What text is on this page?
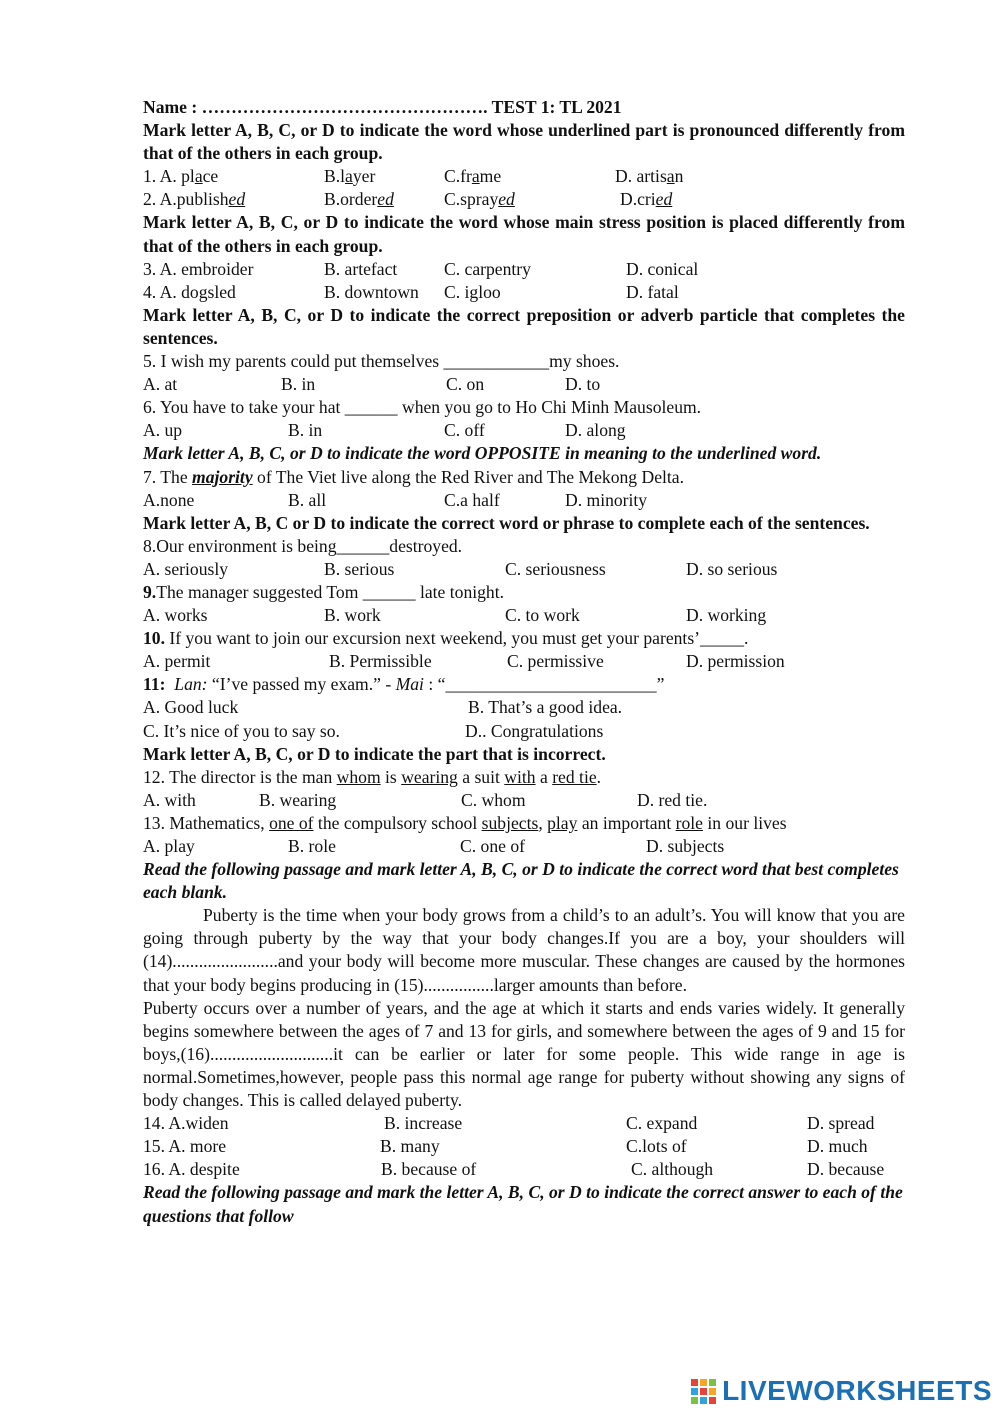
Name : …………………………………………. TEST 1: TL 2021
Mark letter A, B, C, or D to indicate the word whose underlined part is pronounced differently from that of the others in each group.
1. A. place	B.layer	C.frame	D. artisan
2. A.published	B.ordered	C.sprayed	D.cried
Mark letter A, B, C, or D to indicate the word whose main stress position is placed differently from that of the others in each group.
3. A. embroider	B. artefact	C. carpentry	D. conical
4. A. dogsled	B. downtown C. igloo	D. fatal
Mark letter A, B, C, or D to indicate the correct preposition or adverb particle that completes the sentences.
5. I wish my parents could put themselves ____________my shoes.
A. at	B. in	C. on	D. to
6. You have to take your hat ______ when you go to Ho Chi Minh Mausoleum.
A. up	B. in	C. off	D. along
Mark letter A, B, C, or D to indicate the word OPPOSITE in meaning to the underlined word.
7. The majority of The Viet live along the Red River and The Mekong Delta.
A.none	B. all	C.a half	D. minority
Mark letter A, B, C or D to indicate the correct word or phrase to complete each of the sentences.
8.Our environment is being______destroyed.
A. seriously	B. serious	C. seriousness	D. so serious
9.The manager suggested Tom ______ late tonight.
A. works	B. work	C. to work	D. working
10. If you want to join our excursion next weekend, you must get your parents’_____.
A. permit	B. Permissible	C. permissive	D. permission
11: Lan: “I’ve passed my exam.” - Mai : “________________________”
A. Good luck	B. That’s a good idea.
C. It’s nice of you to say so.	D.. Congratulations
Mark letter A, B, C, or D to indicate the part that is incorrect.
12. The director is the man whom is wearing a suit with a red tie.
A. with	B. wearing	C. whom	D. red tie.
13. Mathematics, one of the compulsory school subjects, play an important role in our lives
A. play	B. role	C. one of	D. subjects
Read the following passage and mark letter A, B, C, or D to indicate the correct word that best completes each blank.
Puberty is the time when your body grows from a child’s to an adult’s. You will know that you are going through puberty by the way that your body changes.If you are a boy, your shoulders will (14)........................and your body will become more muscular. These changes are caused by the hormones that your body begins producing in (15)................larger amounts than before.
Puberty occurs over a number of years, and the age at which it starts and ends varies widely. It generally begins somewhere between the ages of 7 and 13 for girls, and somewhere between the ages of 9 and 15 for boys,(16)............................it can be earlier or later for some people. This wide range in age is normal.Sometimes,however, people pass this normal age range for puberty without showing any signs of body changes. This is called delayed puberty.
14. A.widen	B. increase	C. expand	D. spread
15. A. more	B. many	C.lots of	D. much
16. A. despite	B. because of	C. although	D. because
Read the following passage and mark the letter A, B, C, or D to indicate the correct answer to each of the questions that follow
LIVEWORKSHEETS
